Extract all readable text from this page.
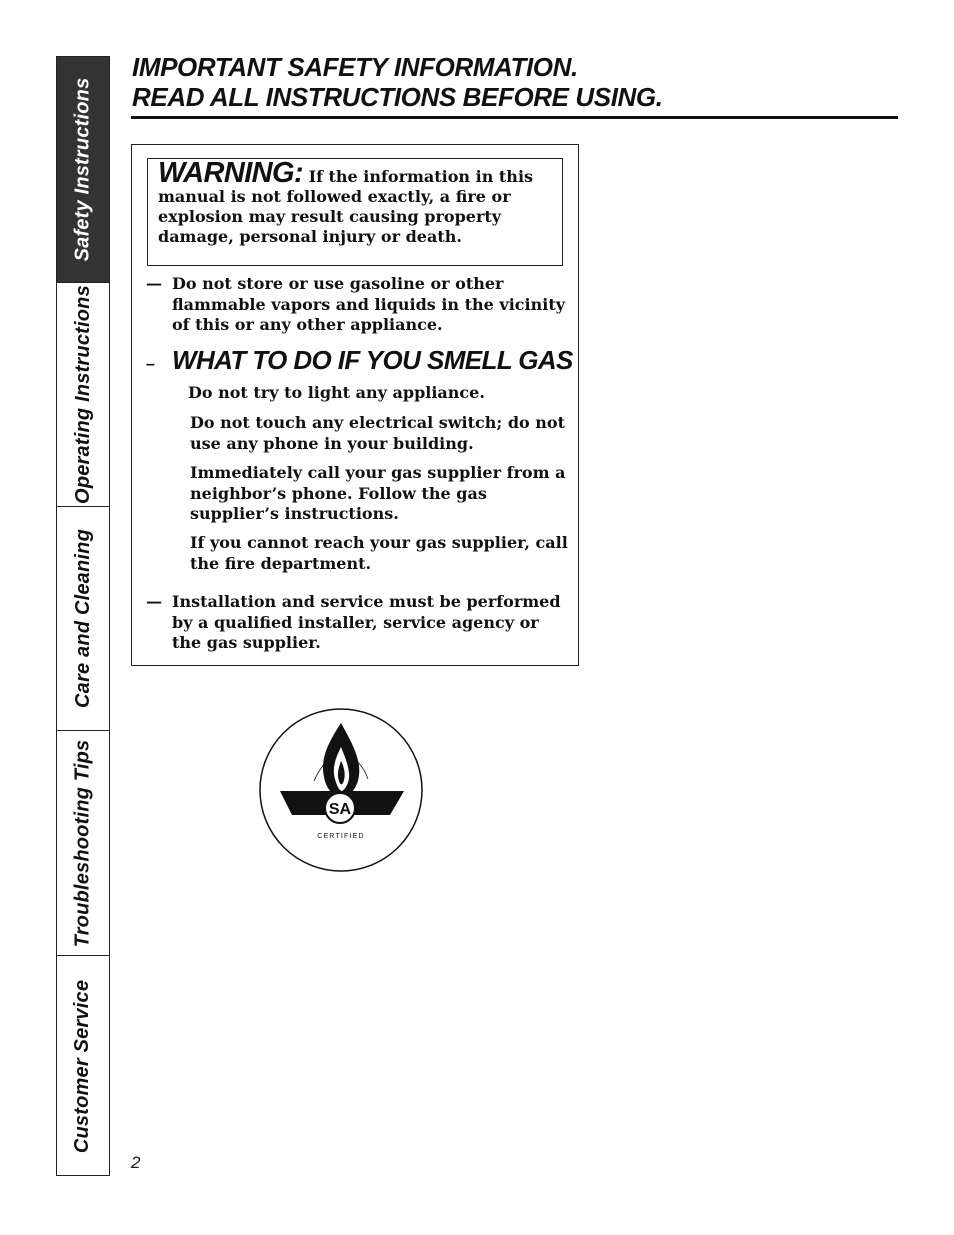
Safety Instructions
Operating Instructions
Care and Cleaning
Troubleshooting Tips
Customer Service
IMPORTANT SAFETY INFORMATION.
READ ALL INSTRUCTIONS BEFORE USING.
WARNING: If the information in this manual is not followed exactly, a fire or explosion may result causing property damage, personal injury or death.
— Do not store or use gasoline or other flammable vapors and liquids in the vicinity of this or any other appliance.
– WHAT TO DO IF YOU SMELL GAS
Do not try to light any appliance.
Do not touch any electrical switch; do not use any phone in your building.
Immediately call your gas supplier from a neighbor’s phone. Follow the gas supplier’s instructions.
If you cannot reach your gas supplier, call the fire department.
— Installation and service must be performed by a qualified installer, service agency or the gas supplier.
SA
CERTIFIED
2
